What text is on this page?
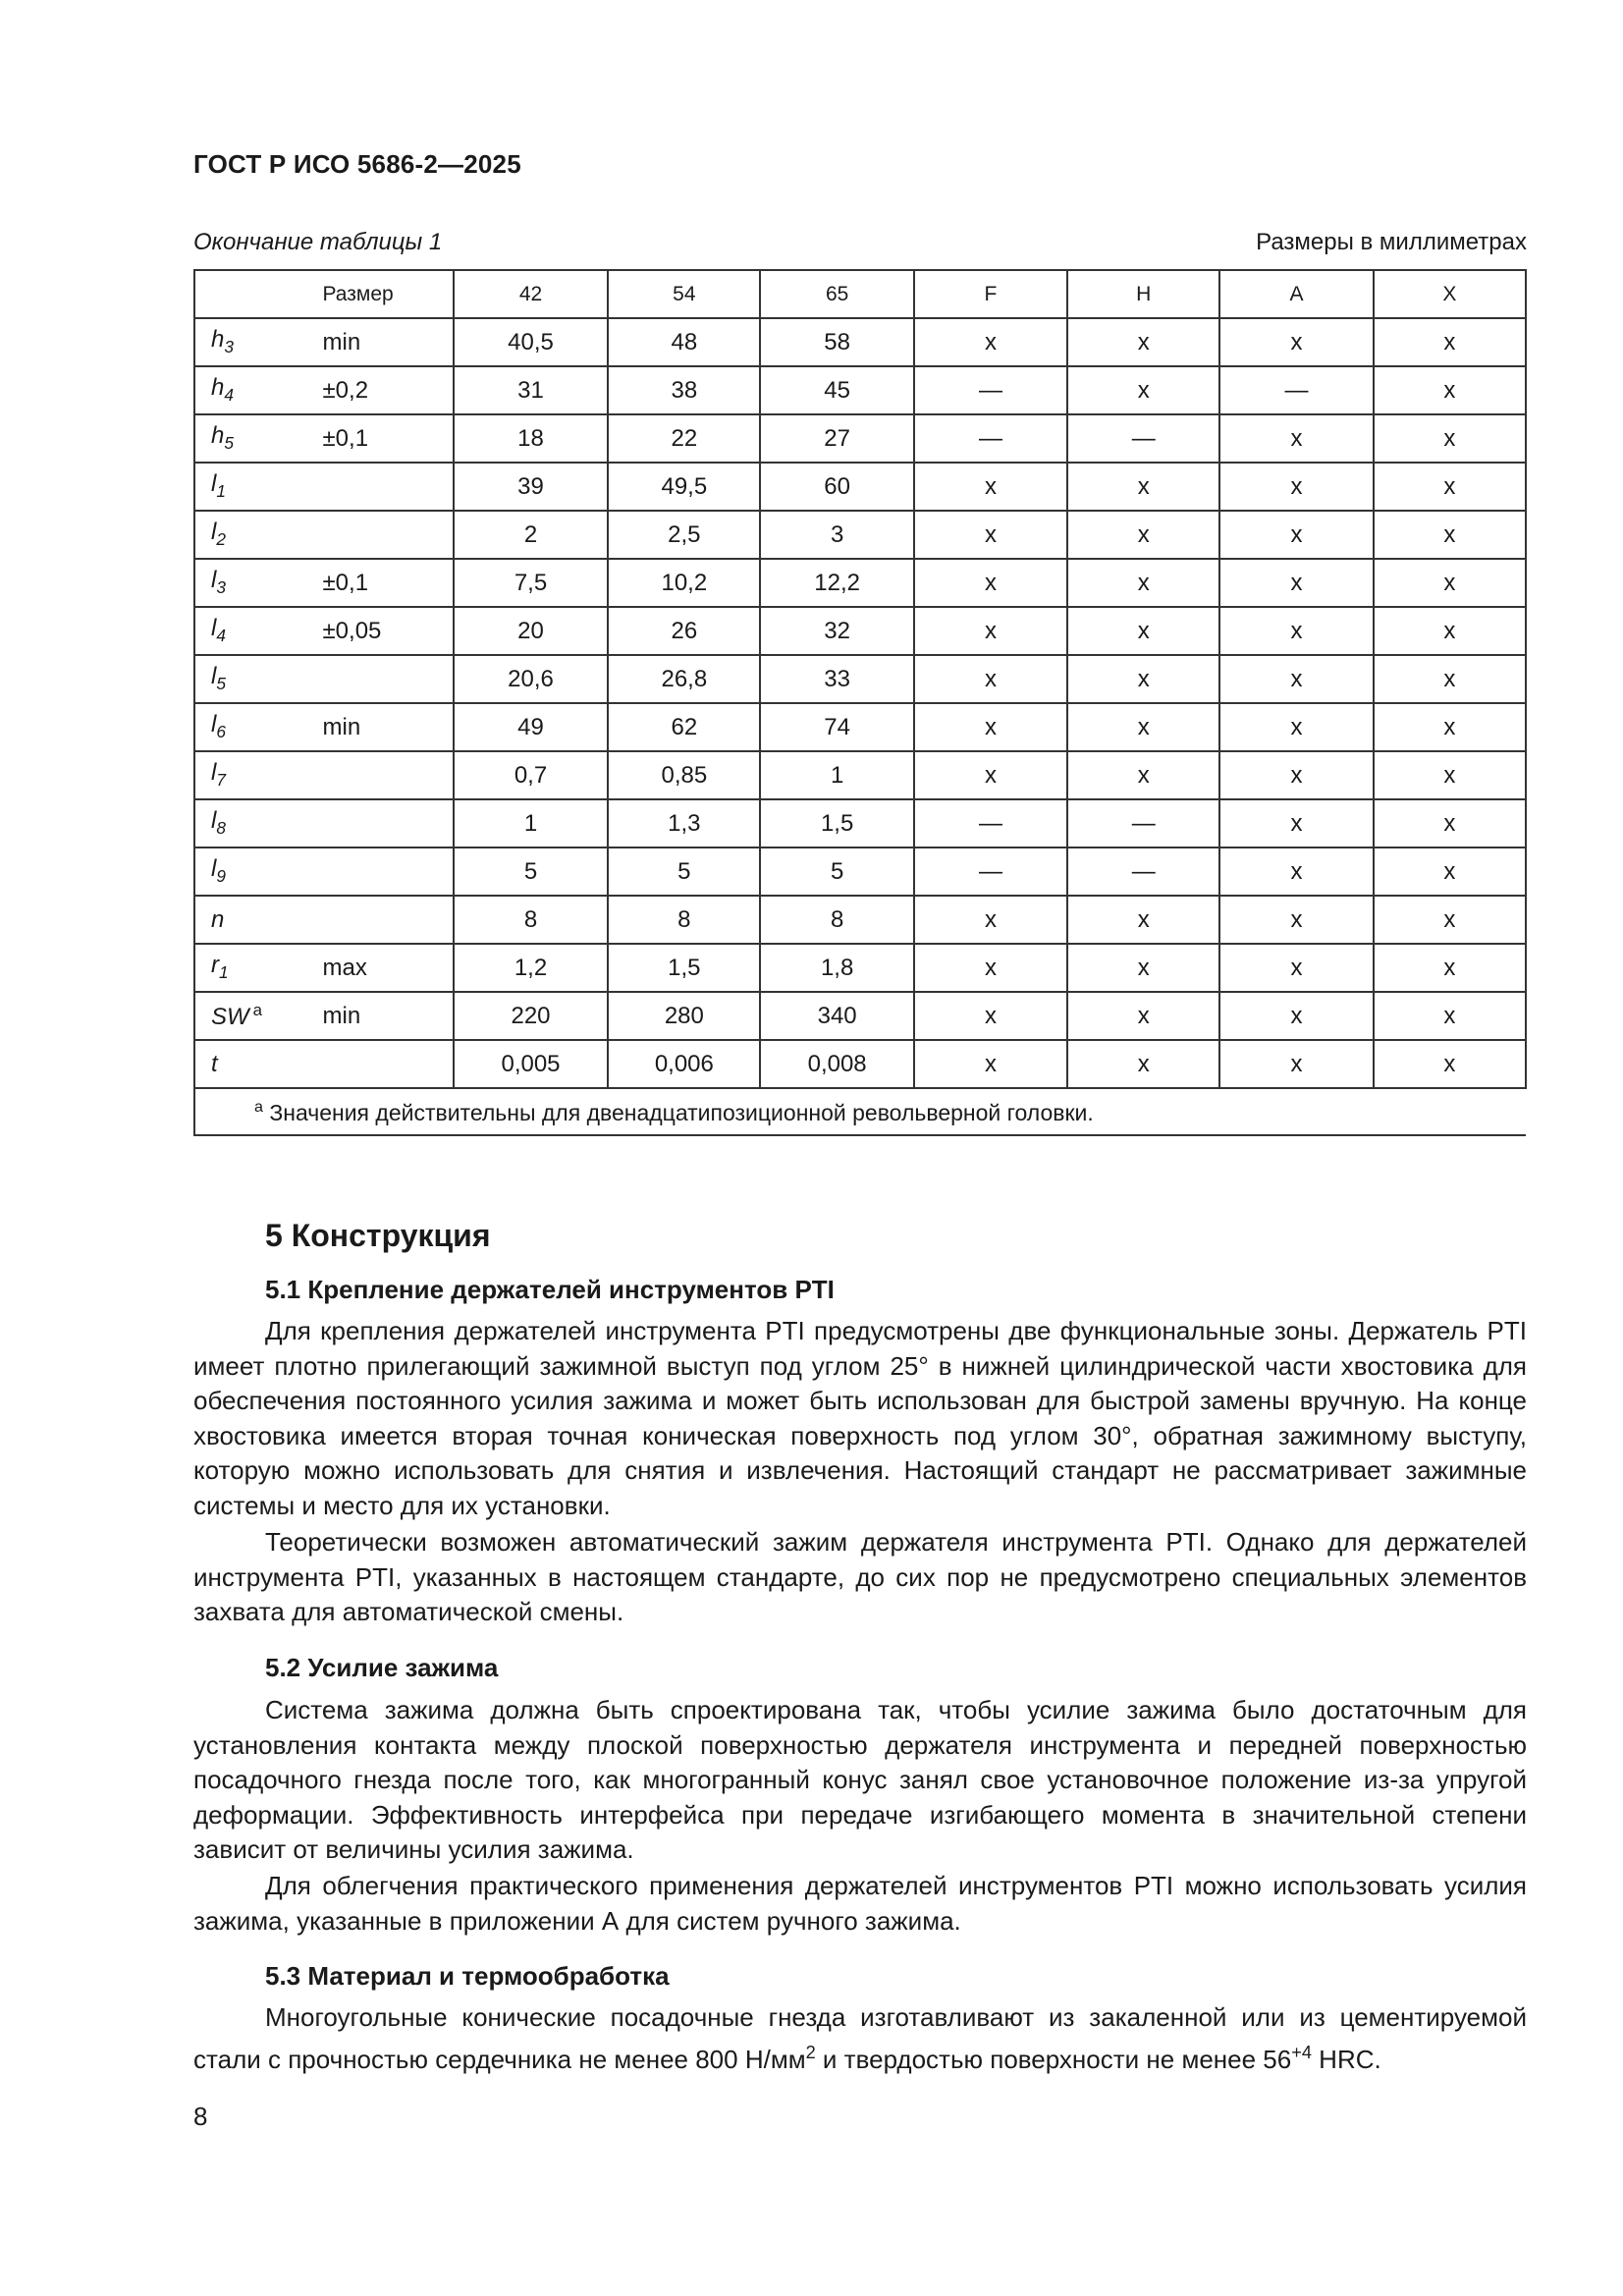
ГОСТ Р ИСО 5686-2—2025
Окончание таблицы 1	Размеры в миллиметрах
	Размер	42	54	65	F	H	A	X
$h_3$	min	40,5	48	58	x	x	x	x
$h_4$	±0,2	31	38	45	—	x	—	x
$h_5$	±0,1	18	22	27	—	—	x	x
$l_1$		39	49,5	60	x	x	x	x
$l_2$		2	2,5	3	x	x	x	x
$l_3$	±0,1	7,5	10,2	12,2	x	x	x	x
$l_4$	±0,05	20	26	32	x	x	x	x
$l_5$		20,6	26,8	33	x	x	x	x
$l_6$	min	49	62	74	x	x	x	x
$l_7$		0,7	0,85	1	x	x	x	x
$l_8$		1	1,3	1,5	—	—	x	x
$l_9$		5	5	5	—	—	x	x
n		8	8	8	x	x	x	x
$r_1$	max	1,2	1,5	1,8	x	x	x	x
SW $^a$	min	220	280	340	x	x	x	x
t		0,005	0,006	0,008	x	x	x	x
$^a$ Значения действительны для двенадцатипозиционной револьверной головки.								
5 Конструкция
5.1 Крепление держателей инструментов PTI
Для крепления держателей инструмента PTI предусмотрены две функциональные зоны. Держатель PTI имеет плотно прилегающий зажимной выступ под углом 25° в нижней цилиндрической части хвостовика для обеспечения постоянного усилия зажима и может быть использован для быстрой замены вручную. На конце хвостовика имеется вторая точная коническая поверхность под углом 30°, обратная зажимному выступу, которую можно использовать для снятия и извлечения. Настоящий стандарт не рассматривает зажимные системы и место для их установки.
Теоретически возможен автоматический зажим держателя инструмента PTI. Однако для держателей инструмента PTI, указанных в настоящем стандарте, до сих пор не предусмотрено специальных элементов захвата для автоматической смены.
5.2 Усилие зажима
Система зажима должна быть спроектирована так, чтобы усилие зажима было достаточным для установления контакта между плоской поверхностью держателя инструмента и передней поверхностью посадочного гнезда после того, как многогранный конус занял свое установочное положение из-за упругой деформации. Эффективность интерфейса при передаче изгибающего момента в значительной степени зависит от величины усилия зажима.
Для облегчения практического применения держателей инструментов PTI можно использовать усилия зажима, указанные в приложении А для систем ручного зажима.
5.3 Материал и термообработка
Многоугольные конические посадочные гнезда изготавливают из закаленной или из цементируемой стали с прочностью сердечника не менее 800 $Н/мм^2$ и твердостью поверхности не менее $56^{+4}$ HRC.
8
